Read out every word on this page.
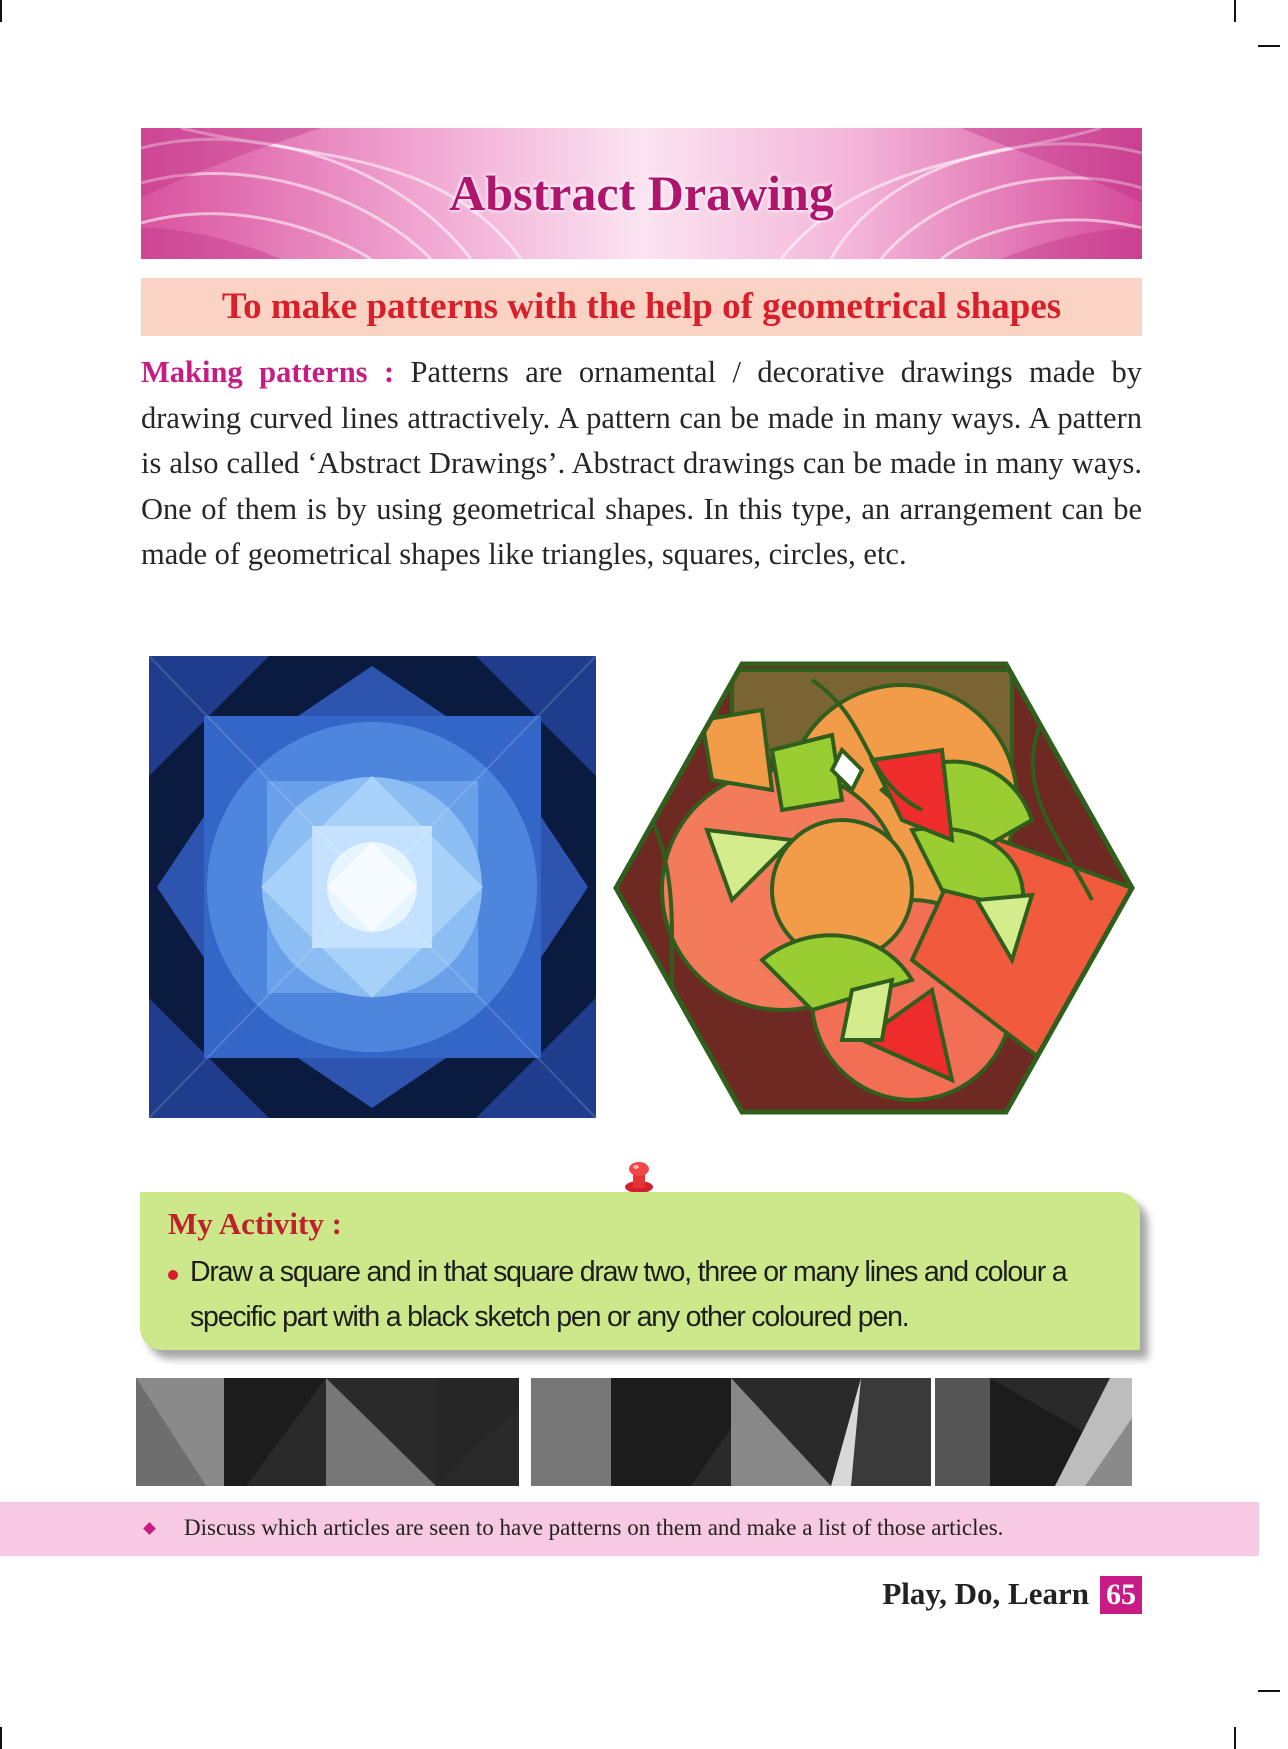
Abstract Drawing
To make patterns with the help of geometrical shapes
Making patterns : Patterns are ornamental / decorative drawings made by drawing curved lines attractively. A pattern can be made in many ways. A pattern is also called ‘Abstract Drawings’. Abstract drawings can be made in many ways. One of them is by using geometrical shapes. In this type, an arrangement can be made of geometrical shapes like triangles, squares, circles, etc.
My Activity :
Draw a square and in that square draw two, three or many lines and colour a specific part with a black sketch pen or any other coloured pen.
Discuss which articles are seen to have patterns on them and make a list of those articles.
Play, Do, Learn 65
